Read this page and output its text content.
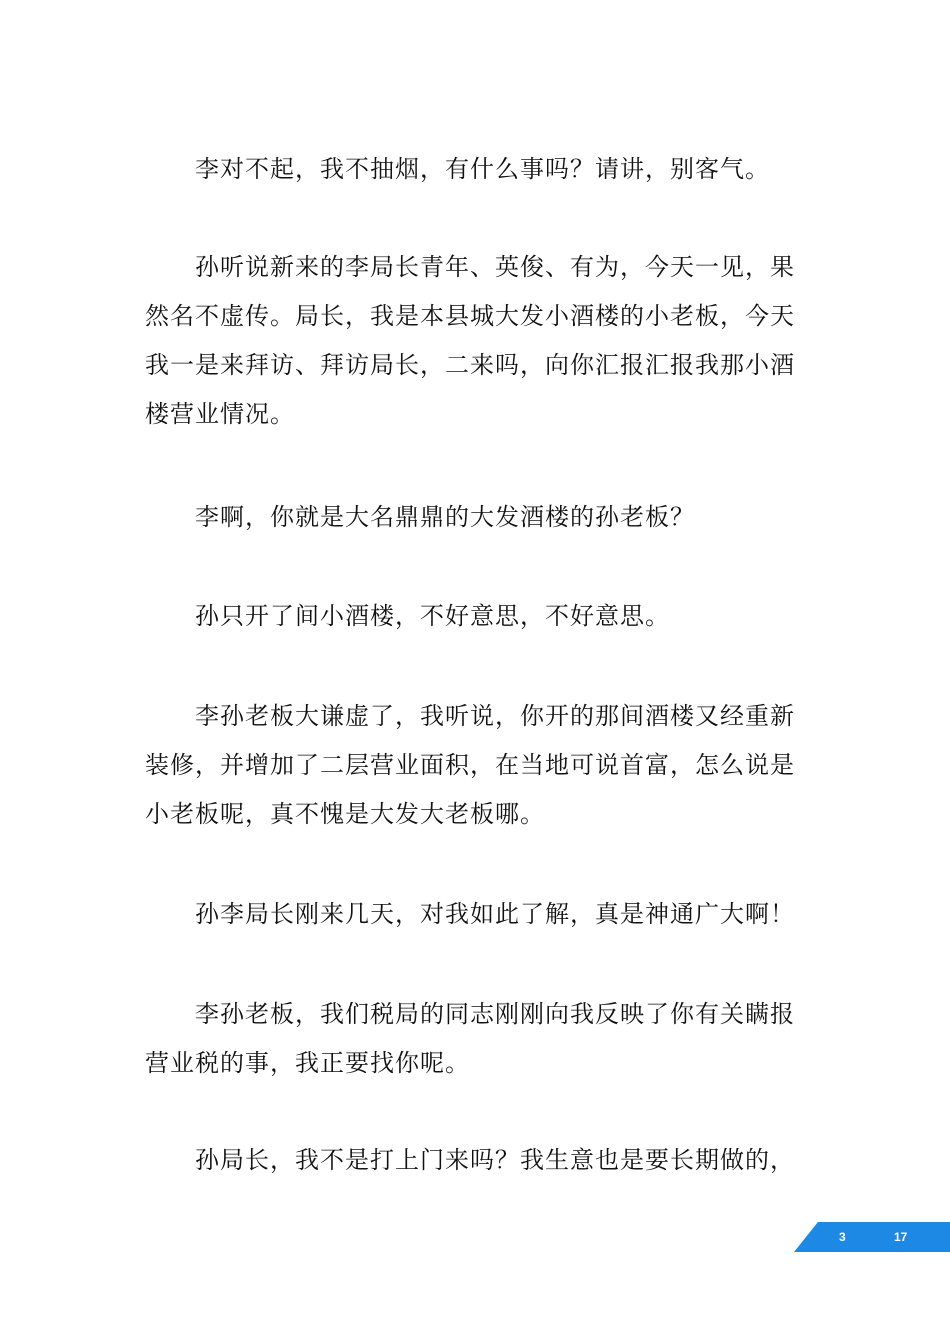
李对不起，我不抽烟，有什么事吗？请讲，别客气。

孙听说新来的李局长青年、英俊、有为，今天一见，果然名不虚传。局长，我是本县城大发小酒楼的小老板，今天我一是来拜访、拜访局长，二来吗，向你汇报汇报我那小酒楼营业情况。

李啊，你就是大名鼎鼎的大发酒楼的孙老板？

孙只开了间小酒楼，不好意思，不好意思。

李孙老板大谦虚了，我听说，你开的那间酒楼又经重新装修，并增加了二层营业面积，在当地可说首富，怎么说是小老板呢，真不愧是大发大老板哪。

孙李局长刚来几天，对我如此了解，真是神通广大啊！

李孙老板，我们税局的同志刚刚向我反映了你有关瞒报营业税的事，我正要找你呢。

孙局长，我不是打上门来吗？我生意也是要长期做的，

3	17
